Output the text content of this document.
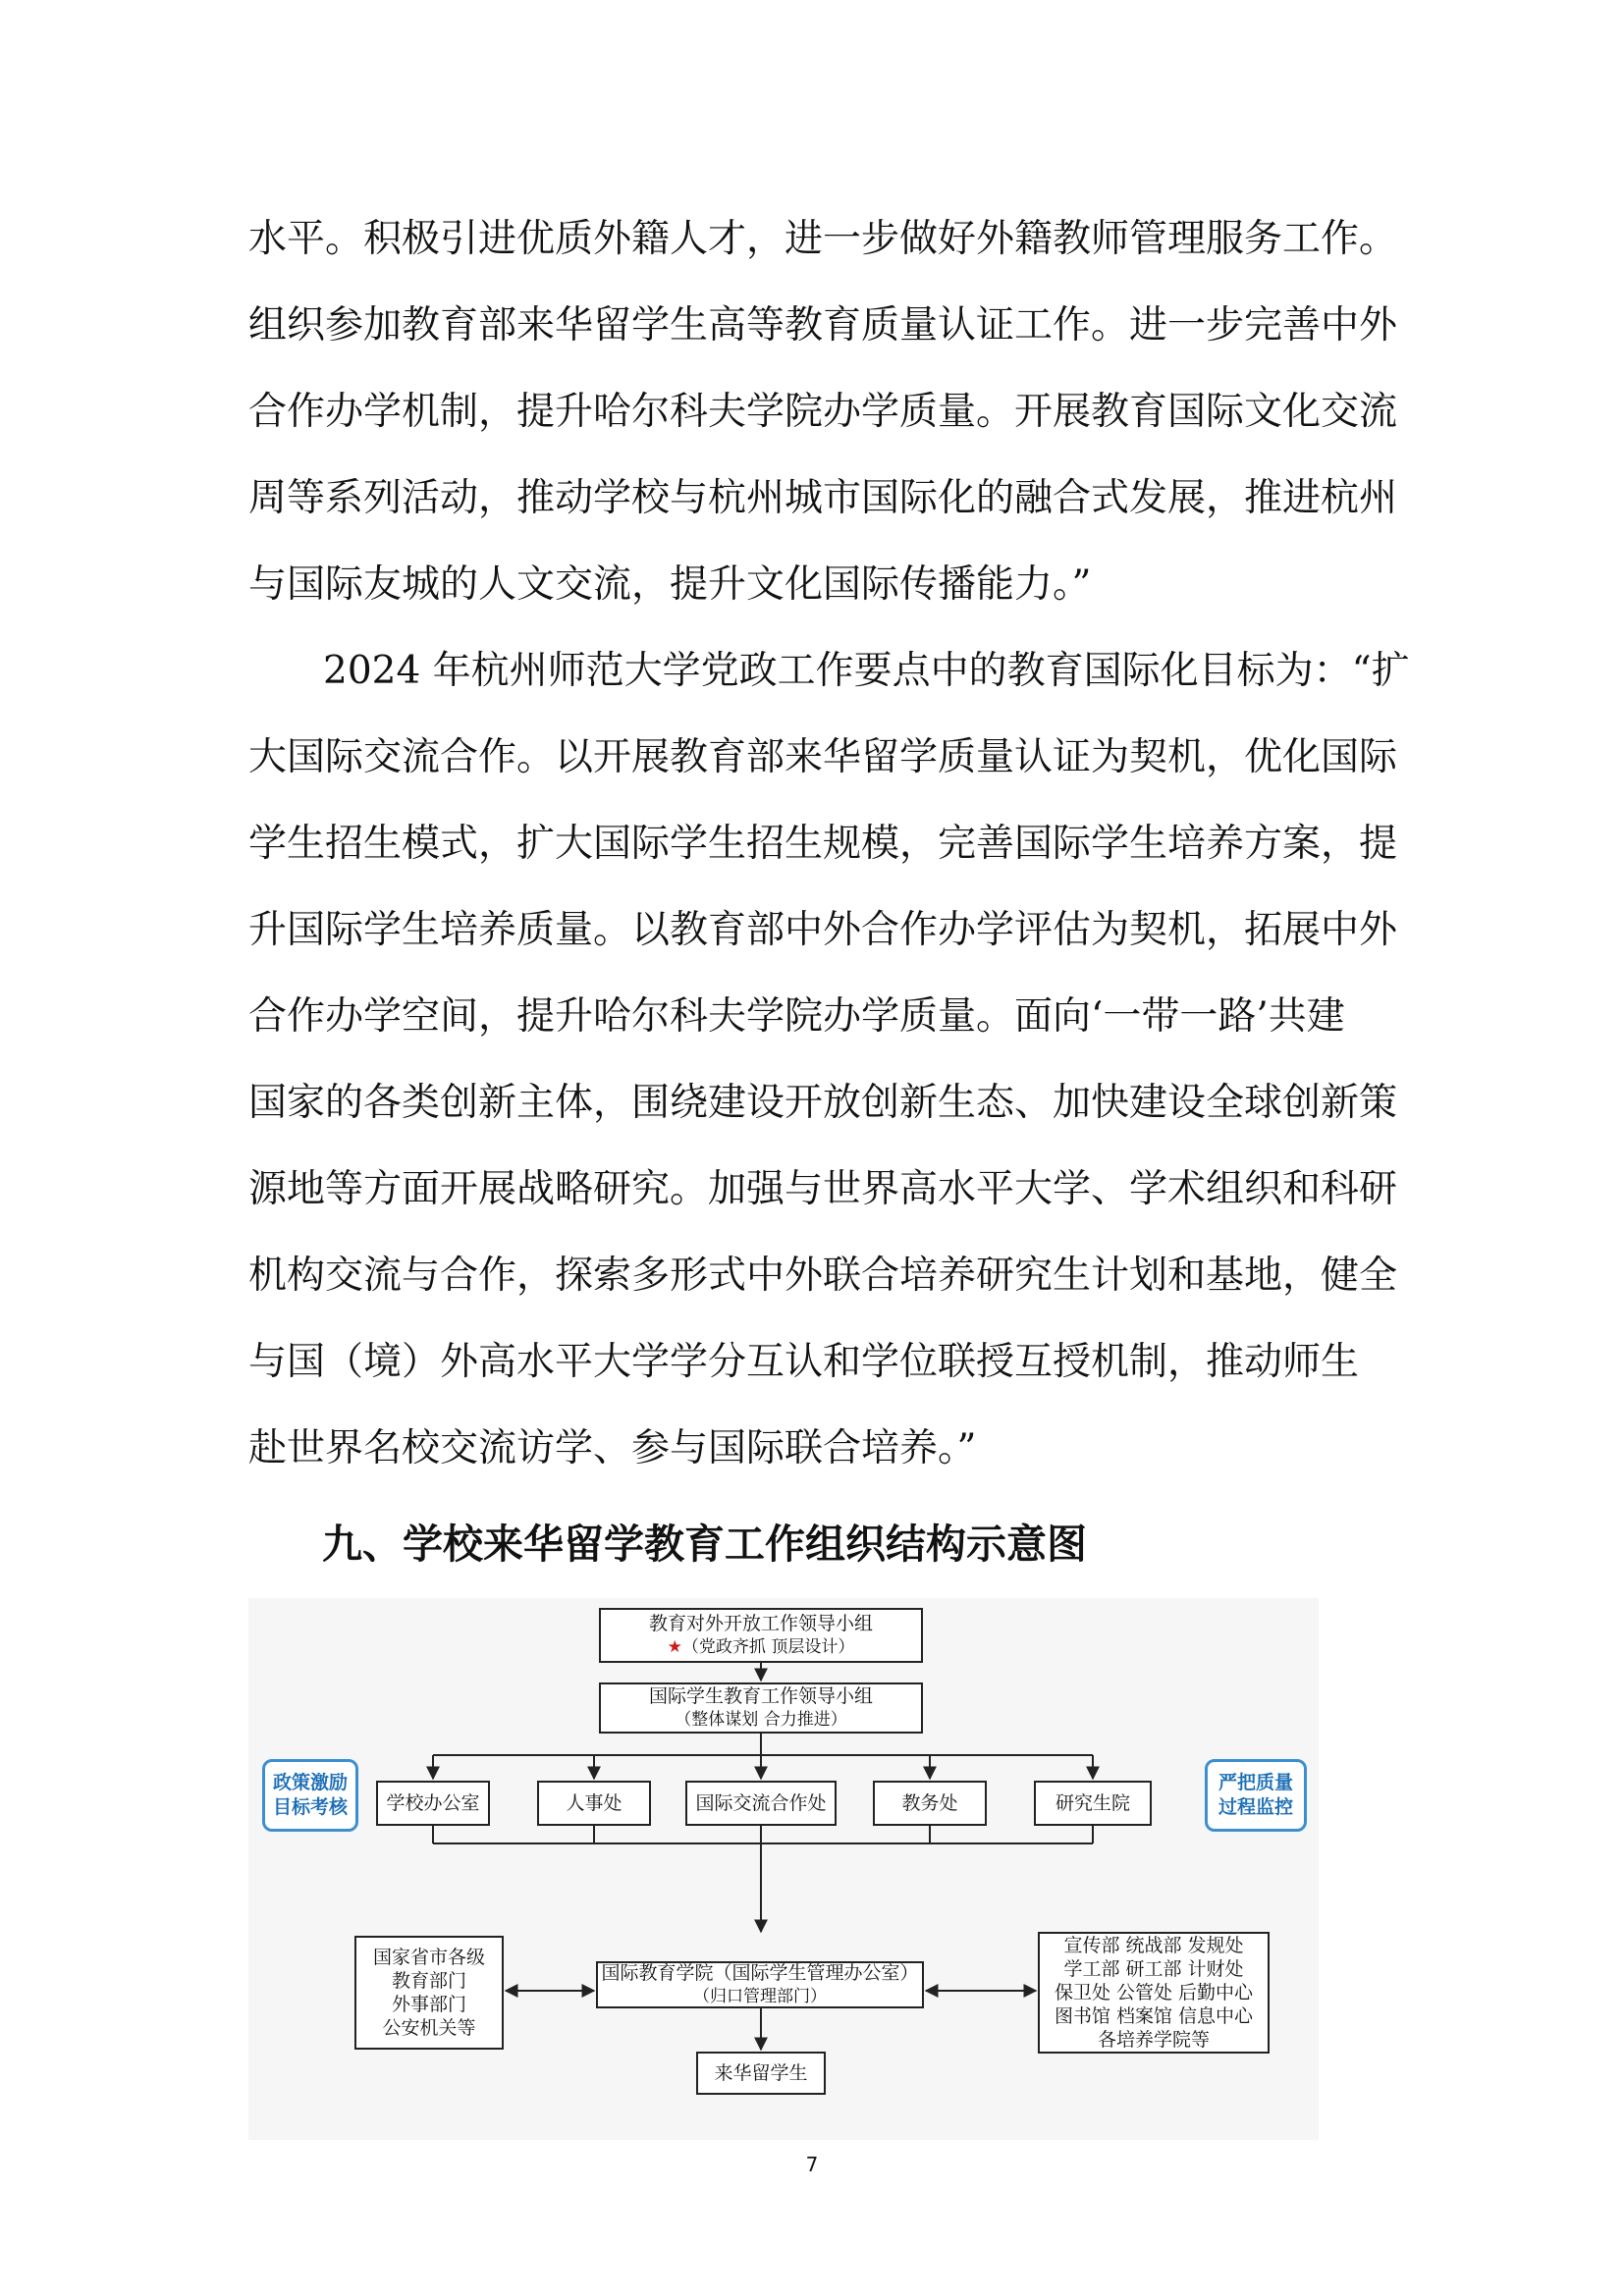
水平。积极引进优质外籍人才，进一步做好外籍教师管理服务工作。
组织参加教育部来华留学生高等教育质量认证工作。进一步完善中外
合作办学机制，提升哈尔科夫学院办学质量。开展教育国际文化交流
周等系列活动，推动学校与杭州城市国际化的融合式发展，推进杭州
与国际友城的人文交流，提升文化国际传播能力。”
2024 年杭州师范大学党政工作要点中的教育国际化目标为：“扩
大国际交流合作。以开展教育部来华留学质量认证为契机，优化国际
学生招生模式，扩大国际学生招生规模，完善国际学生培养方案，提
升国际学生培养质量。以教育部中外合作办学评估为契机，拓展中外
合作办学空间，提升哈尔科夫学院办学质量。面向‘一带一路’共建
国家的各类创新主体，围绕建设开放创新生态、加快建设全球创新策
源地等方面开展战略研究。加强与世界高水平大学、学术组织和科研
机构交流与合作，探索多形式中外联合培养研究生计划和基地，健全
与国（境）外高水平大学学分互认和学位联授互授机制，推动师生
赴世界名校交流访学、参与国际联合培养。”
九、学校来华留学教育工作组织结构示意图
教育对外开放工作领导小组
★（党政齐抓 顶层设计）
国际学生教育工作领导小组
（整体谋划 合力推进）
政策激励
目标考核
严把质量
过程监控
学校办公室	人事处	国际交流合作处	教务处	研究生院
国家省市各级
教育部门
外事部门
公安机关等
国际教育学院（国际学生管理办公室）
（归口管理部门）
宣传部 统战部 发规处
学工部 研工部 计财处
保卫处 公管处 后勤中心
图书馆 档案馆 信息中心
各培养学院等
来华留学生
7
